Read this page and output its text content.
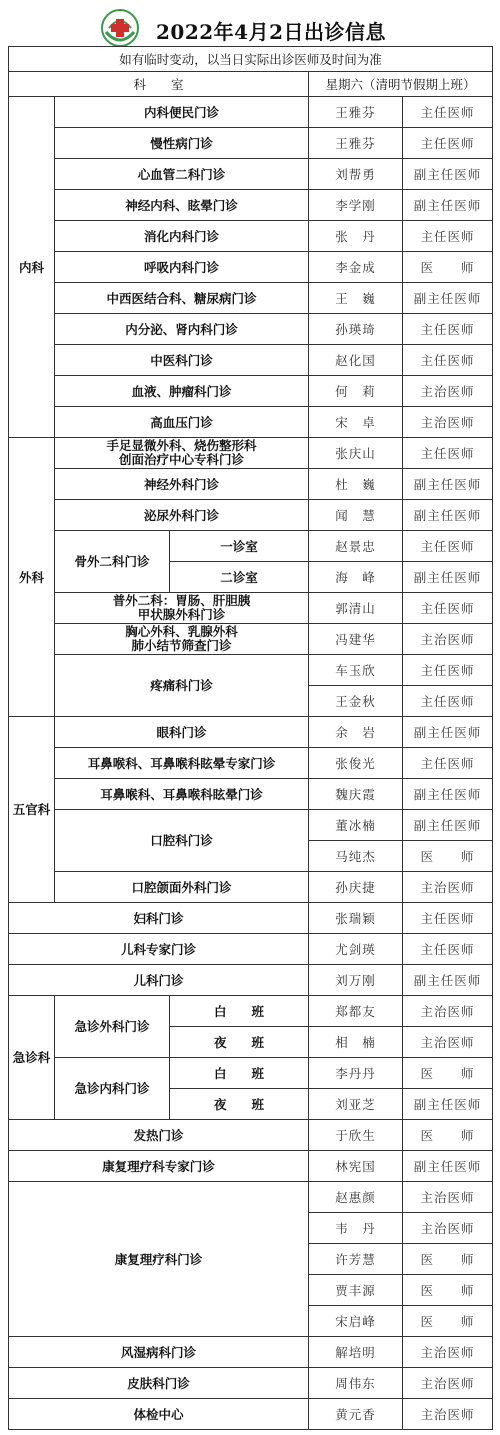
2022年4月2日出诊信息
如有临时变动，以当日实际出诊医师及时间为准				
科　　室			星期六（清明节假期上班）	
内科	内科便民门诊		王雅芬	主任医师
	慢性病门诊		王雅芬	主任医师
	心血管二科门诊		刘帮勇	副主任医师
	神经内科、眩晕门诊		李学刚	副主任医师
	消化内科门诊		张　丹	主任医师
	呼吸内科门诊		李金成	医　　师
	中西医结合科、糖尿病门诊		王　巍	副主任医师
	内分泌、肾内科门诊		孙瑛琦	主任医师
	中医科门诊		赵化国	主任医师
	血液、肿瘤科门诊		何　莉	主治医师
	高血压门诊		宋　卓	主治医师
外科	手足显微外科、烧伤整形科
创面治疗中心专科门诊		张庆山	主任医师
	神经外科门诊		杜　巍	副主任医师
	泌尿外科门诊		闻　慧	副主任医师
	骨外二科门诊	一诊室	赵景忠	主任医师
		二诊室	海　峰	副主任医师

	普外二科：胃肠、肝胆胰
甲状腺外科门诊		郭清山	主任医师

	胸心外科、乳腺外科
肺小结节筛查门诊		冯建华	主治医师
	疼痛科门诊		车玉欣	主任医师
			王金秋	主任医师
五官科	眼科门诊		余　岩	副主任医师
	耳鼻喉科、耳鼻喉科眩晕专家门诊		张俊光	主任医师
	耳鼻喉科、耳鼻喉科眩晕门诊		魏庆霞	副主任医师
	口腔科门诊		董冰楠	副主任医师
			马纯杰	医　　师
	口腔颌面外科门诊		孙庆捷	主治医师
妇科门诊			张瑞颖	主任医师
儿科专家门诊			尤剑瑛	主任医师
儿科门诊			刘万刚	副主任医师
急诊科	急诊外科门诊	白　　班	郑都友	主治医师
		夜　　班	相　楠	主治医师
	急诊内科门诊	白　　班	李丹丹	医　　师
		夜　　班	刘亚芝	副主任医师
发热门诊			于欣生	医　　师
康复理疗科专家门诊			林宪国	副主任医师
康复理疗科门诊			赵惠颜	主治医师
			韦　丹	主治医师
			许芳慧	医　　师
			贾丰源	医　　师
			宋启峰	医　　师
风湿病科门诊			解培明	主治医师
皮肤科门诊			周伟东	主治医师
体检中心			黄元香	主治医师
